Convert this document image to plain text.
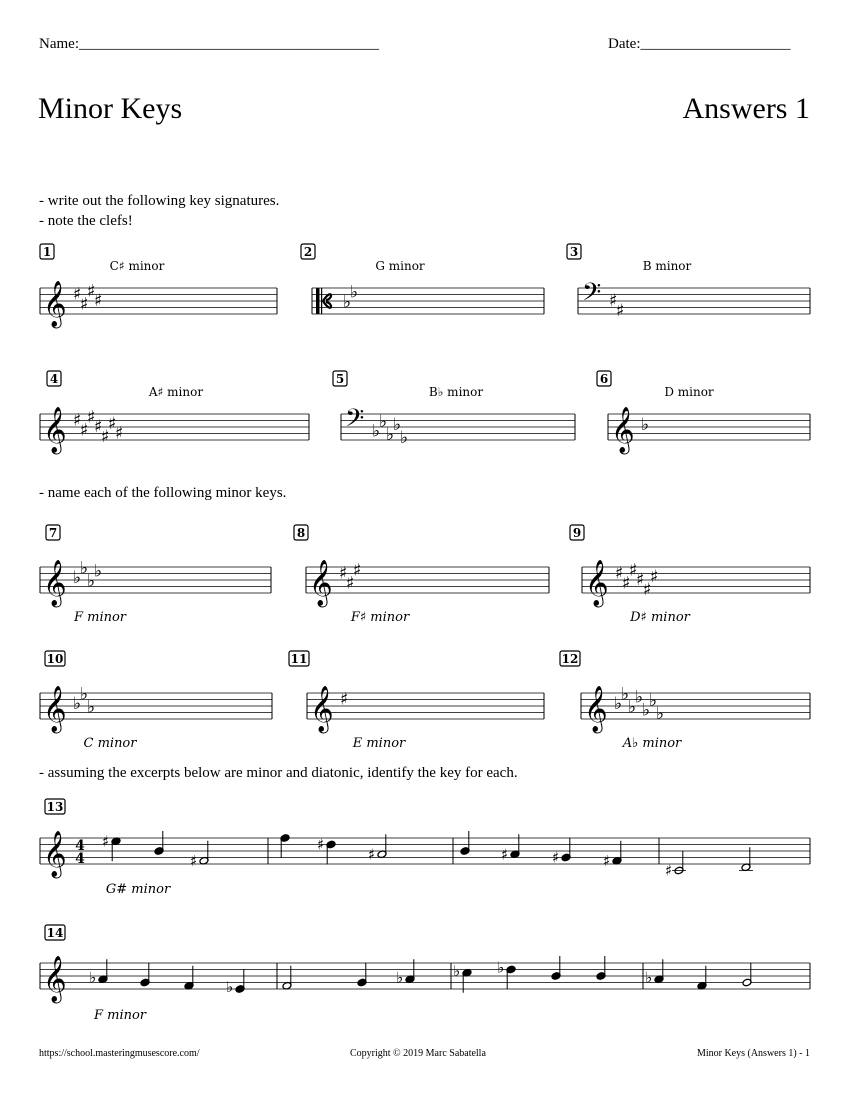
Name:________________________________________	Date:____________________
Minor Keys	Answers 1
- write out the following key signatures.
- note the clefs!
- name each of the following minor keys.
- assuming the excerpts below are minor and diatonic, identify the key for each.
𝄞 ♯
♯
♯
♯	♭
♭	𝄢 ♯
♯
𝄞 ♯
♯
♯
♯
♯
♯
♯	𝄢 ♭
♭
♭
♭
♭	𝄞 ♭
𝄞 ♭
♭
♭
♭	𝄞 ♯
♯
♯	𝄞 ♯
♯
♯
♯
♯
♯
𝄞 ♭
♭
♭	𝄞 ♯	𝄞 ♭
♭
♭
♭
♭
♭
♭
𝄞 4
4
♯
♯
♯
♯	♯	♯	♯
♯
𝄞 ♭
♭
♭	♭ ♭
♭
1
C♯ minor
2
G minor
3
B minor
4
A♯ minor
5
B♭ minor
6
D minor
7
F minor
8
F♯ minor
9
D♯ minor
10
C minor
11
E minor
12
A♭ minor
13
G# minor
14
F minor
https://school.masteringmusescore.com/	Copyright © 2019 Marc Sabatella	Minor Keys (Answers 1) - 1
